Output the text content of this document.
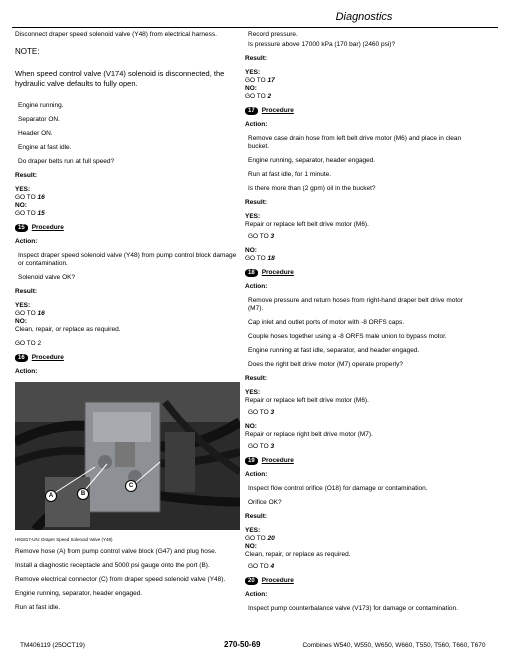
Diagnostics

Disconnect draper speed solenoid valve (Y48) from electrical harness.

NOTE:

When speed control valve (V174) solenoid is disconnected, the hydraulic valve defaults to fully open.

Engine running.

Separator ON.

Header ON.

Engine at fast idle.

Do draper belts run at full speed?

Result:

YES:
GO TO 16
NO:
GO TO 15
15	Procedure

Action:

Inspect draper speed solenoid valve (Y48) from pump control block damage or contamination.

Solenoid valve OK?

Result:

YES:
GO TO 16
NO:
Clean, repair, or replace as required.
GO TO 2
16	Procedure

Action:

A	B
C

H91817-UN: Draper Speed Solenoid Valve (Y48)

Remove hose (A) from pump control valve block (G47) and plug hose.

Install a diagnostic receptacle and 5000 psi gauge onto the port (B).

Remove electrical connector (C) from draper speed solenoid valve (Y48).

Engine running, separator, header engaged.

Run at fast idle.

Record pressure.

Is pressure above 17000 kPa (170 bar) (2460 psi)?

Result:

YES:
GO TO 17
NO:
GO TO 2
17	Procedure

Action:

Remove case drain hose from left belt drive motor (M6) and place in clean bucket.

Engine running, separator, header engaged.

Run at fast idle, for 1 minute.

Is there more than (2 gpm) oil in the bucket?

Result:

YES:
Repair or replace left belt drive motor (M6).
GO TO 3
NO:
GO TO 18
18	Procedure

Action:

Remove pressure and return hoses from right-hand draper belt drive motor (M7).

Cap inlet and outlet ports of motor with -8 ORFS caps.

Couple hoses together using a -8 ORFS male union to bypass motor.

Engine running at fast idle, separator, and header engaged.

Does the right belt drive motor (M7) operate properly?

Result:

YES:
Repair or replace left belt drive motor (M6).
GO TO 3
NO:
Repair or replace right belt drive motor (M7).
GO TO 3
19	Procedure

Action:

Inspect flow control orifice (O18) for damage or contamination.

Orifice OK?

Result:

YES:
GO TO 20
NO:
Clean, repair, or replace as required.
GO TO 4
20	Procedure

Action:

Inspect pump counterbalance valve (V173) for damage or contamination.

TM406119 (25OCT19)	270-50-69	Combines W540, W550, W650, W660, T550, T560, T660, T670
